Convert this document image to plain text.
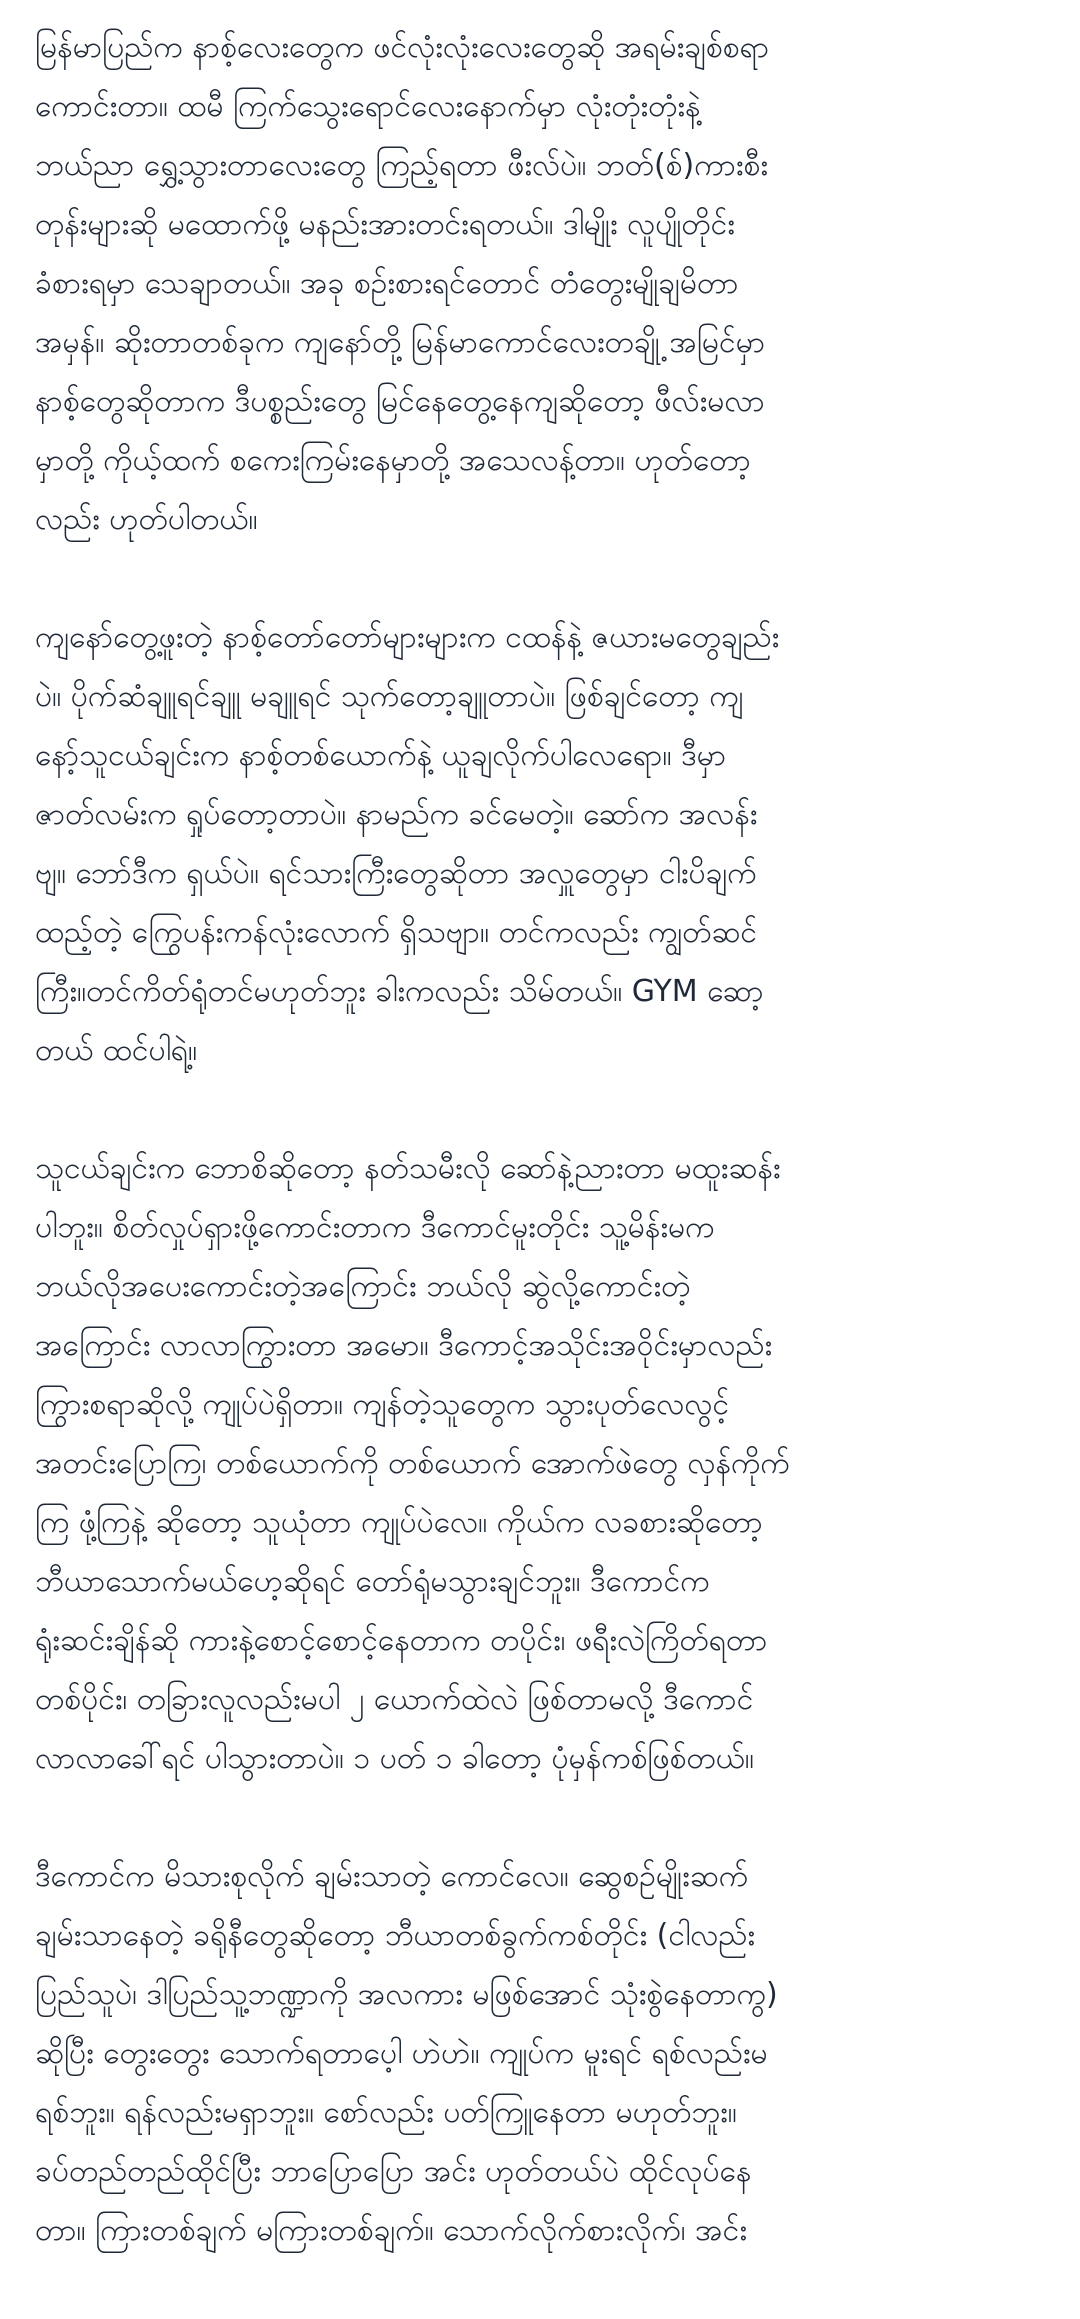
မြန်မာပြည်က နာစ့်လေးတွေက ဖင်လုံးလုံးလေးတွေဆို အရမ်းချစ်စရာ
ကောင်းတာ။ ထမီ ကြက်သွေးရောင်လေးနောက်မှာ လုံးတုံးတုံးနဲ့
ဘယ်ညာ ရွှေ့သွားတာလေးတွေ ကြည့်ရတာ ဖီးလ်ပဲ။ ဘတ်(စ်)ကားစီး
တုန်းများဆို မထောက်ဖို့ မနည်းအားတင်းရတယ်။ ဒါမျိုး လူပျိုတိုင်း
ခံစားရမှာ သေချာတယ်။ အခု စဉ်းစားရင်တောင် တံတွေးမျိုချမိတာ
အမှန်။ ဆိုးတာတစ်ခုက ကျနော်တို့ မြန်မာကောင်လေးတချို့ အမြင်မှာ
နာစ့်တွေဆိုတာက ဒီပစ္စည်းတွေ မြင်နေတွေ့နေကျဆိုတော့ ဖီလ်းမလာ
မှာတို့ ကိုယ့်ထက် စကေးကြမ်းနေမှာတို့ အသေလန့်တာ။ ဟုတ်တော့
လည်း ဟုတ်ပါတယ်။

ကျနော်တွေ့ဖူးတဲ့ နာစ့်တော်တော်များများက ငထန်နဲ့ ဇယားမတွေချည်း
ပဲ။ ပိုက်ဆံချူရင်ချူ မချူရင် သုက်တော့ချူတာပဲ။ ဖြစ်ချင်တော့ ကျ
နော့်သူငယ်ချင်းက နာစ့်တစ်ယောက်နဲ့ ယူချလိုက်ပါလေရော။ ဒီမှာ
ဇာတ်လမ်းက ရှုပ်တော့တာပဲ။ နာမည်က ခင်မေတဲ့။ ဆော်က အလန်း
ဗျ။ ဘော်ဒီက ရှယ်ပဲ။ ရင်သားကြီးတွေဆိုတာ အလှူတွေမှာ ငါးပိချက်
ထည့်တဲ့ ကြွေပန်းကန်လုံးလောက် ရှိသဗျာ။ တင်ကလည်း ကျွတ်ဆင်
ကြီး။တင်ကိတ်ရုံတင်မဟုတ်ဘူး ခါးကလည်း သိမ်တယ်။ GYM ဆော့
တယ် ထင်ပါရဲ့။

သူငယ်ချင်းက ဘောစိဆိုတော့ နတ်သမီးလို ဆော်နဲ့ညားတာ မထူးဆန်း
ပါဘူး။ စိတ်လှုပ်ရှားဖို့ကောင်းတာက ဒီကောင်မူးတိုင်း သူ့မိန်းမက
ဘယ်လိုအပေးကောင်းတဲ့အကြောင်း ဘယ်လို ဆွဲလို့ကောင်းတဲ့
အကြောင်း လာလာကြွားတာ အမော။ ဒီကောင့်အသိုင်းအဝိုင်းမှာလည်း
ကြွားစရာဆိုလို့ ကျုပ်ပဲရှိတာ။ ကျန်တဲ့သူတွေက သွားပုတ်လေလွင့်
အတင်းပြောကြ၊ တစ်ယောက်ကို တစ်ယောက် အောက်ဖဲတွေ လှန်ကိုက်
ကြ ဖုံ့ကြနဲ့ ဆိုတော့ သူယုံတာ ကျုပ်ပဲလေ။ ကိုယ်က လခစားဆိုတော့
ဘီယာသောက်မယ်ဟေ့ဆိုရင် တော်ရုံမသွားချင်ဘူး။ ဒီကောင်က
ရုံးဆင်းချိန်ဆို ကားနဲ့စောင့်စောင့်နေတာက တပိုင်း၊ ဖရီးလဲကြိတ်ရတာ
တစ်ပိုင်း၊ တခြားလူလည်းမပါ ၂ ယောက်ထဲလဲ ဖြစ်တာမလို့ ဒီကောင်
လာလာခေါ်ရင် ပါသွားတာပဲ။ ၁ ပတ် ၁ ခါတော့ ပုံမှန်ကစ်ဖြစ်တယ်။

ဒီကောင်က မိသားစုလိုက် ချမ်းသာတဲ့ ကောင်လေ။ ဆွေစဉ်မျိုးဆက်
ချမ်းသာနေတဲ့ ခရိုနီတွေဆိုတော့ ဘီယာတစ်ခွက်ကစ်တိုင်း (ငါလည်း
ပြည်သူပဲ၊ ဒါပြည်သူ့ဘဏ္ဍာကို အလကား မဖြစ်အောင် သုံးစွဲနေတာကွ)
ဆိုပြီး တွေးတွေး သောက်ရတာပေ့ါ ဟဲဟဲ။ ကျုပ်က မူးရင် ရစ်လည်းမ
ရစ်ဘူး။ ရန်လည်းမရှာဘူး။ စော်လည်း ပတ်ကြူနေတာ မဟုတ်ဘူး။
ခပ်တည်တည်ထိုင်ပြီး ဘာပြောပြော အင်း ဟုတ်တယ်ပဲ ထိုင်လုပ်နေ
တာ။ ကြားတစ်ချက် မကြားတစ်ချက်။ သောက်လိုက်စားလိုက်၊ အင်း
